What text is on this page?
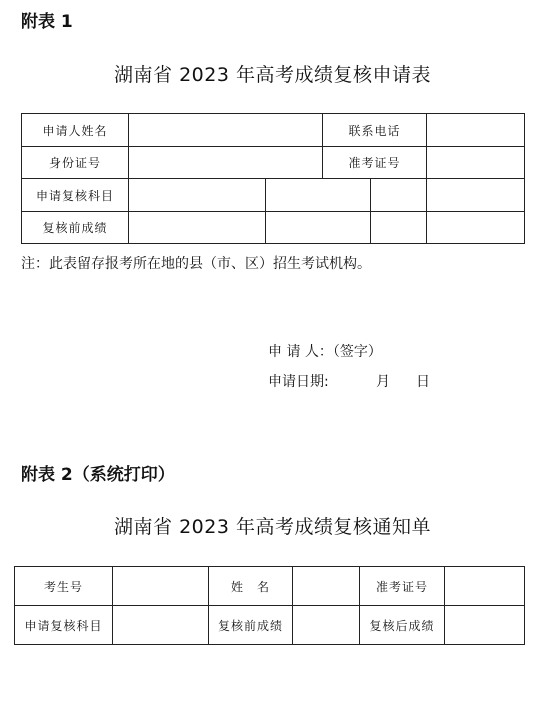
附表 1
湖南省 2023 年高考成绩复核申请表
申请人姓名			联系电话		
身份证号			准考证号		
申请复核科目					
复核前成绩					
注：此表留存报考所在地的县（市、区）招生考试机构。
申 请 人：（签字）
申请日期:	月 日
附表 2（系统打印）
湖南省 2023 年高考成绩复核通知单
考生号		姓　名		准考证号	
申请复核科目		复核前成绩		复核后成绩	
